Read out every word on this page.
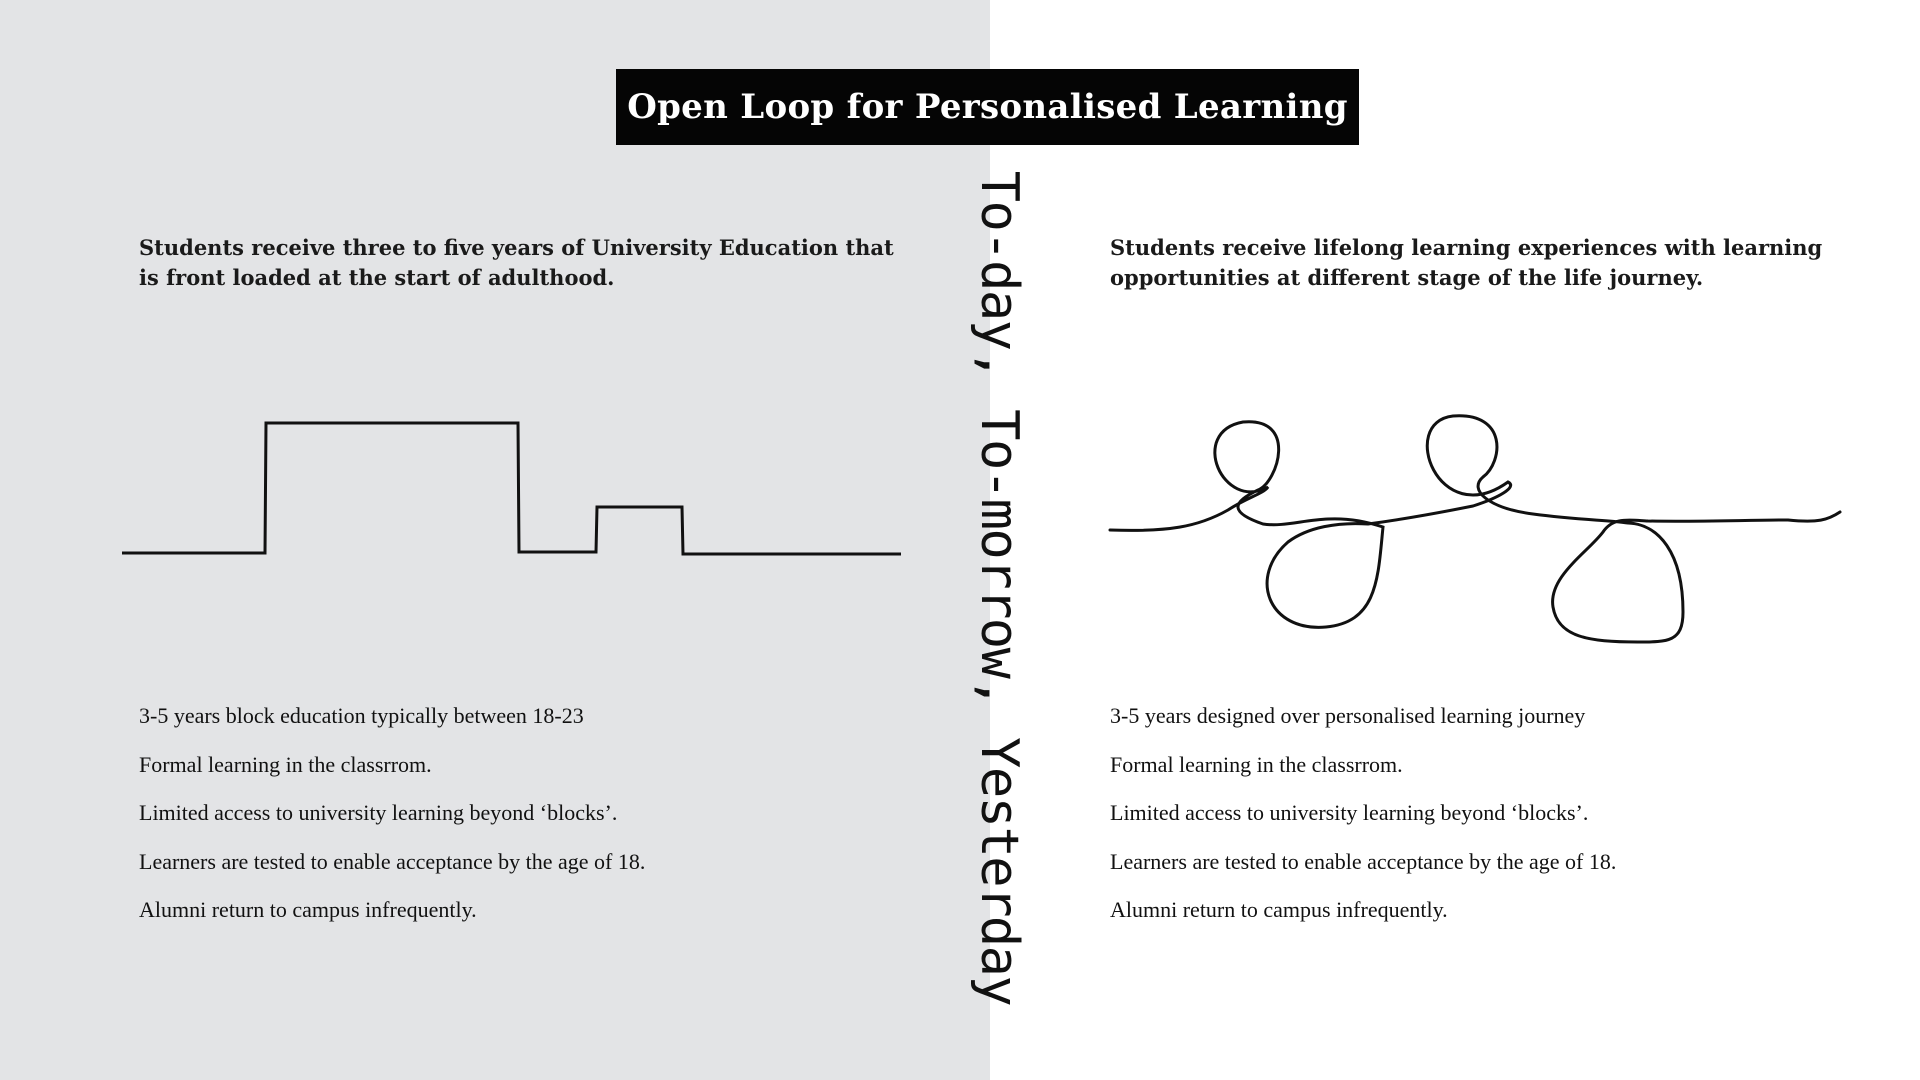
Open Loop for Personalised Learning

Students receive three to five years of University Education that is front loaded at the start of adulthood.

Students receive lifelong learning experiences with learning opportunities at different stage of the life journey.

3-5 years block education typically between 18-23
Formal learning in the classrrom.
Limited access to university learning beyond ‘blocks’.
Learners are tested to enable acceptance by the age of 18.
Alumni return to campus infrequently.
3-5 years designed over personalised learning journey
Formal learning in the classrrom.
Limited access to university learning beyond ‘blocks’.
Learners are tested to enable acceptance by the age of 18.
Alumni return to campus infrequently.
To-day, To-morrow, Yesterday
